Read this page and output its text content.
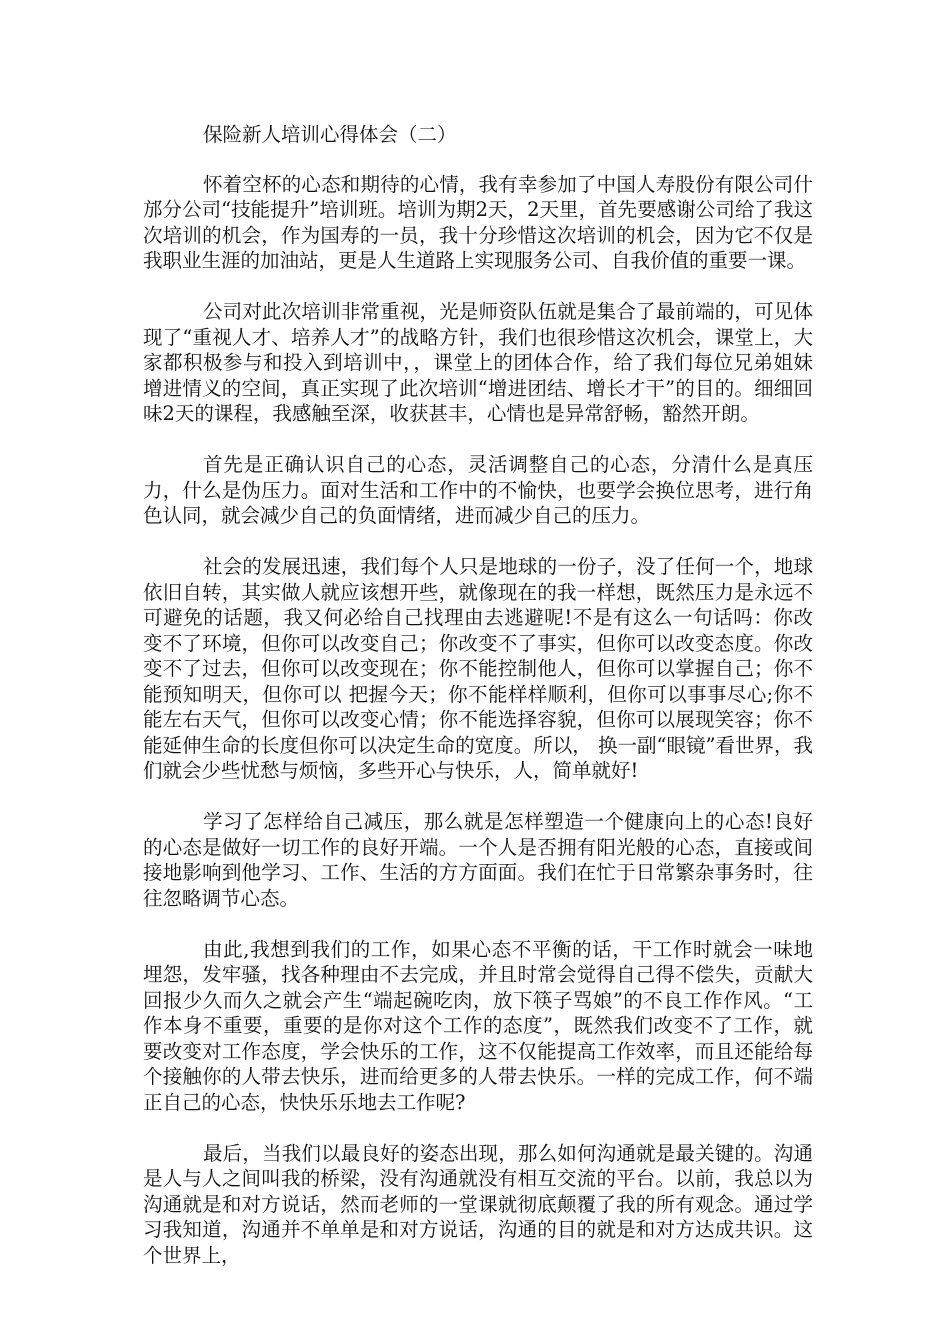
保险新人培训心得体会（二）

怀着空杯的心态和期待的心情，我有幸参加了中国人寿股份有限公司什邡分公司“技能提升”培训班。培训为期2天，2天里，首先要感谢公司给了我这次培训的机会，作为国寿的一员，我十分珍惜这次培训的机会，因为它不仅是我职业生涯的加油站，更是人生道路上实现服务公司、自我价值的重要一课。

公司对此次培训非常重视，光是师资队伍就是集合了最前端的，可见体现了“重视人才、培养人才”的战略方针，我们也很珍惜这次机会，课堂上，大家都积极参与和投入到培训中，，课堂上的团体合作，给了我们每位兄弟姐妹增进情义的空间，真正实现了此次培训“增进团结、增长才干”的目的。细细回味2天的课程，我感触至深，收获甚丰，心情也是异常舒畅，豁然开朗。

首先是正确认识自己的心态，灵活调整自己的心态，分清什么是真压力，什么是伪压力。面对生活和工作中的不愉快，也要学会换位思考，进行角色认同，就会减少自己的负面情绪，进而减少自己的压力。

社会的发展迅速，我们每个人只是地球的一份子，没了任何一个，地球依旧自转，其实做人就应该想开些，就像现在的我一样想，既然压力是永远不可避免的话题，我又何必给自己找理由去逃避呢!不是有这么一句话吗：你改变不了环境，但你可以改变自己；你改变不了事实，但你可以改变态度。你改变不了过去，但你可以改变现在；你不能控制他人，但你可以掌握自己；你不能预知明天，但你可以 把握今天；你不能样样顺利，但你可以事事尽心;你不能左右天气，但你可以改变心情；你不能选择容貌，但你可以展现笑容；你不能延伸生命的长度但你可以决定生命的宽度。所以， 换一副“眼镜”看世界，我们就会少些忧愁与烦恼，多些开心与快乐，人，简单就好!

学习了怎样给自己减压，那么就是怎样塑造一个健康向上的心态!良好的心态是做好一切工作的良好开端。一个人是否拥有阳光般的心态，直接或间接地影响到他学习、工作、生活的方方面面。我们在忙于日常繁杂事务时，往往忽略调节心态。

由此,我想到我们的工作，如果心态不平衡的话，干工作时就会一味地埋怨，发牢骚，找各种理由不去完成，并且时常会觉得自己得不偿失，贡献大回报少久而久之就会产生“端起碗吃肉，放下筷子骂娘”的不良工作作风。“工作本身不重要，重要的是你对这个工作的态度”，既然我们改变不了工作，就要改变对工作态度，学会快乐的工作，这不仅能提高工作效率，而且还能给每个接触你的人带去快乐，进而给更多的人带去快乐。一样的完成工作，何不端正自己的心态，快快乐乐地去工作呢?

最后，当我们以最良好的姿态出现，那么如何沟通就是最关键的。沟通是人与人之间叫我的桥梁，没有沟通就没有相互交流的平台。以前，我总以为沟通就是和对方说话，然而老师的一堂课就彻底颠覆了我的所有观念。通过学习我知道，沟通并不单单是和对方说话，沟通的目的就是和对方达成共识。这个世界上，
